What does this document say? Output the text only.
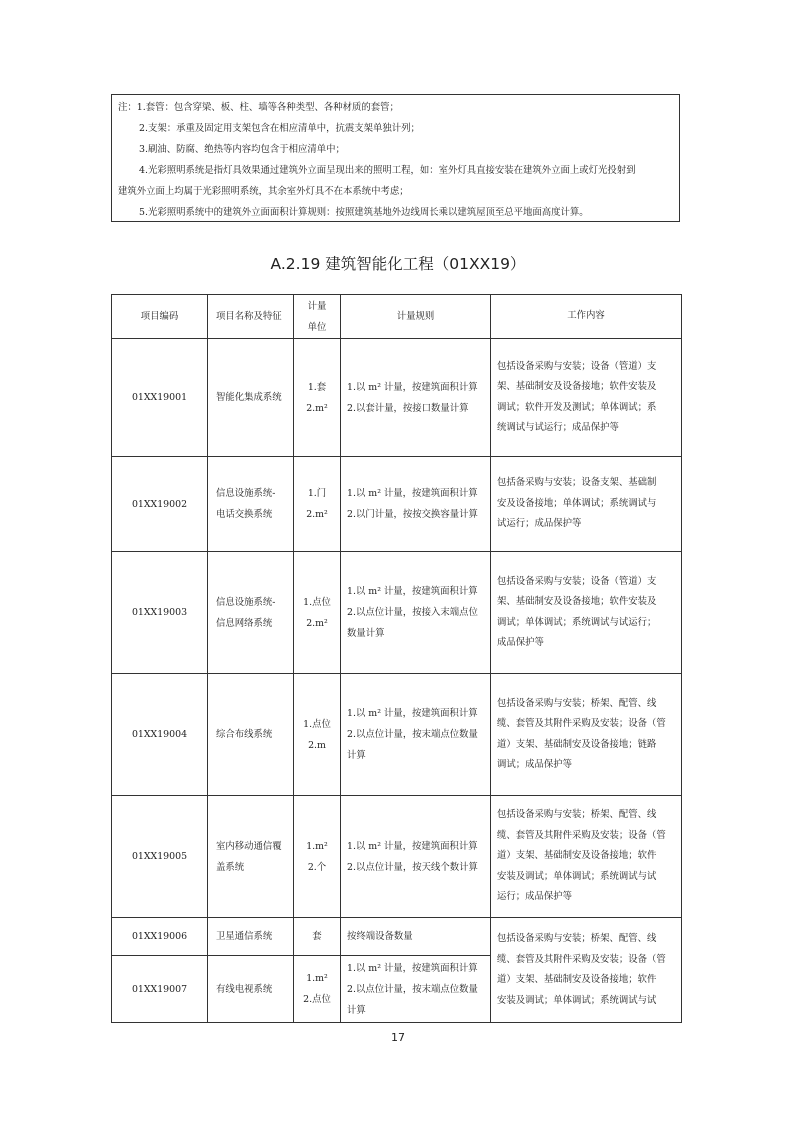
注：1.套管：包含穿梁、板、柱、墙等各种类型、各种材质的套管；
2.支架：承重及固定用支架包含在相应清单中，抗震支架单独计列；
3.刷油、防腐、绝热等内容均包含于相应清单中；
4.光彩照明系统是指灯具效果通过建筑外立面呈现出来的照明工程，如：室外灯具直接安装在建筑外立面上或灯光投射到
建筑外立面上均属于光彩照明系统，其余室外灯具不在本系统中考虑；
5.光彩照明系统中的建筑外立面面积计算规则：按照建筑基地外边线周长乘以建筑屋顶至总平地面高度计算。
A.2.19 建筑智能化工程（01XX19）
项目编码	项目名称及特征	计量
单位	计量规则	工作内容
01XX19001	智能化集成系统	1.套
2.m²	1.以 m² 计量，按建筑面积计算
2.以套计量，按接口数量计算	包括设备采购与安装；设备（管道）支
架、基础制安及设备接地；软件安装及
调试；软件开发及测试；单体调试；系
统调试与试运行；成品保护等

01XX19002	信息设施系统-
电话交换系统	1.门
2.m²	1.以 m² 计量，按建筑面积计算
2.以门计量，按按交换容量计算	包括备采购与安装；设备支架、基础制
安及设备接地；单体调试；系统调试与
试运行；成品保护等

01XX19003	信息设施系统-
信息网络系统	1.点位
2.m²	1.以 m² 计量，按建筑面积计算
2.以点位计量，按接入末端点位
数量计算	包括设备采购与安装；设备（管道）支
架、基础制安及设备接地；软件安装及
调试；单体调试；系统调试与试运行；
成品保护等

01XX19004	综合布线系统	1.点位
2.m	1.以 m² 计量，按建筑面积计算
2.以点位计量，按末端点位数量
计算	包括设备采购与安装；桥架、配管、线
缆、套管及其附件采购及安装；设备（管
道）支架、基础制安及设备接地；链路
调试；成品保护等

01XX19005	室内移动通信覆
盖系统	1.m²
2.个	1.以 m² 计量，按建筑面积计算
2.以点位计量，按天线个数计算	包括设备采购与安装；桥架、配管、线
缆、套管及其附件采购及安装；设备（管
道）支架、基础制安及设备接地；软件
安装及调试；单体调试；系统调试与试
运行；成品保护等

01XX19006	卫星通信系统	套	按终端设备数量	包括设备采购与安装；桥架、配管、线
缆、套管及其附件采购及安装；设备（管
道）支架、基础制安及设备接地；软件
安装及调试；单体调试；系统调试与试

01XX19007	有线电视系统	1.m²
2.点位	1.以 m² 计量，按建筑面积计算
2.以点位计量，按末端点位数量
计算	
17
